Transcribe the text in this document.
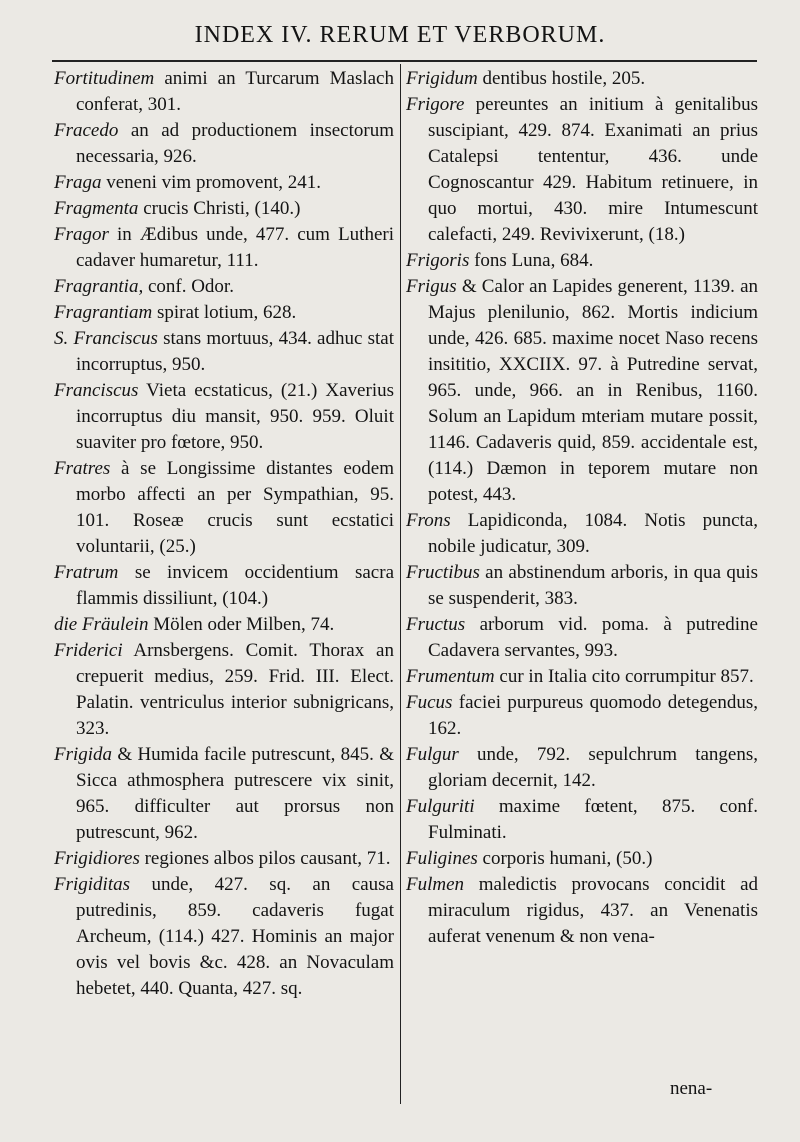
INDEX IV. RERUM ET VERBORUM.

Fortitudinem animi an Turcarum Maslach conferat, 301.

Fracedo an ad productionem insectorum necessaria, 926.

Fraga veneni vim promovent, 241.

Fragmenta crucis Christi, (140.)

Fragor in Ædibus unde, 477. cum Lutheri cadaver humaretur, 111.

Fragrantia, conf. Odor.

Fragrantiam spirat lotium, 628.

S. Franciscus stans mortuus, 434. adhuc stat incorruptus, 950.

Franciscus Vieta ecstaticus, (21.) Xaverius incorruptus diu mansit, 950. 959. Oluit suaviter pro fœtore, 950.

Fratres à se Longissime distantes eodem morbo affecti an per Sympathian, 95. 101. Roseæ crucis sunt ecstatici voluntarii, (25.)

Fratrum se invicem occidentium sacra flammis dissiliunt, (104.)

die Fräulein Mölen oder Milben, 74.

Friderici Arnsbergens. Comit. Thorax an crepuerit medius, 259. Frid. III. Elect. Palatin. ventriculus interior subnigricans, 323.

Frigida & Humida facile putrescunt, 845. & Sicca athmosphera putrescere vix sinit, 965. difficulter aut prorsus non putrescunt, 962.

Frigidiores regiones albos pilos causant, 71.

Frigiditas unde, 427. sq. an causa putredinis, 859. cadaveris fugat Archeum, (114.) 427. Hominis an major ovis vel bovis &c. 428. an Novaculam hebetet, 440. Quanta, 427. sq.

Frigidum dentibus hostile, 205.

Frigore pereuntes an initium à genitalibus suscipiant, 429. 874. Exanimati an prius Catalepsi tententur, 436. unde Cognoscantur 429. Habitum retinuere, in quo mortui, 430. mire Intumescunt calefacti, 249. Revivixerunt, (18.)

Frigoris fons Luna, 684.

Frigus & Calor an Lapides generent, 1139. an Majus plenilunio, 862. Mortis indicium unde, 426. 685. maxime nocet Naso recens insititio, XXCIIX. 97. à Putredine servat, 965. unde, 966. an in Renibus, 1160. Solum an Lapidum mteriam mutare possit, 1146. Cadaveris quid, 859. accidentale est, (114.) Dæmon in teporem mutare non potest, 443.

Frons Lapidiconda, 1084. Notis puncta, nobile judicatur, 309.

Fructibus an abstinendum arboris, in qua quis se suspenderit, 383.

Fructus arborum vid. poma. à putredine Cadavera servantes, 993.

Frumentum cur in Italia cito corrumpitur 857.

Fucus faciei purpureus quomodo detegendus, 162.

Fulgur unde, 792. sepulchrum tangens, gloriam decernit, 142.

Fulguriti maxime fœtent, 875. conf. Fulminati.

Fuligines corporis humani, (50.)

Fulmen maledictis provocans concidit ad miraculum rigidus, 437. an Venenatis auferat venenum & non vena-

nena-
